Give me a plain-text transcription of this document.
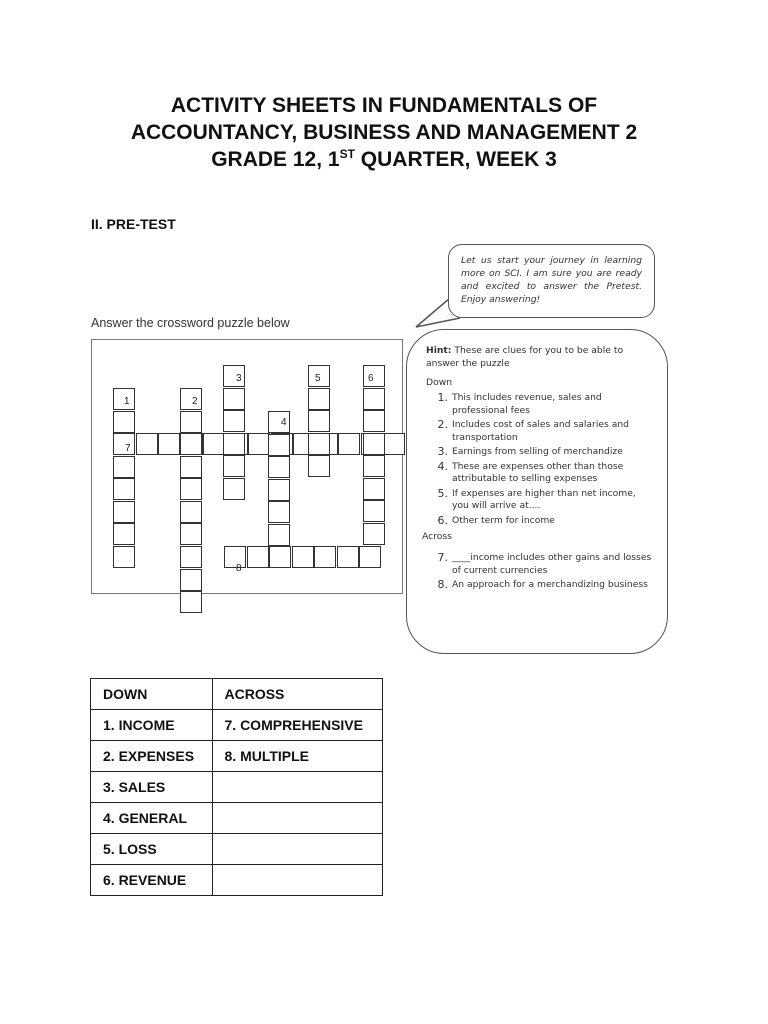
ACTIVITY SHEETS IN FUNDAMENTALS OF
ACCOUNTANCY, BUSINESS AND MANAGEMENT 2
GRADE 12, 1ST QUARTER, WEEK 3
II. PRE-TEST
Answer the crossword puzzle below
1	2
3
4
5	6
7
8
Let us start your journey in learning more on SCI. I am sure you are ready and excited to answer the Pretest. Enjoy answering!
Hint: These are clues for you to be able to answer the puzzle
Down
1. This includes revenue, sales and professional fees
2. Includes cost of sales and salaries and transportation
3. Earnings from selling of merchandize
4. These are expenses other than those attributable to selling expenses
5. If expenses are higher than net income, you will arrive at....
6. Other term for income
Across
7. ____income includes other gains and losses of current currencies
8. An approach for a merchandizing business
DOWN	ACROSS
1. INCOME	7. COMPREHENSIVE
2. EXPENSES	8. MULTIPLE
3. SALES	
4. GENERAL	
5. LOSS	
6. REVENUE	
